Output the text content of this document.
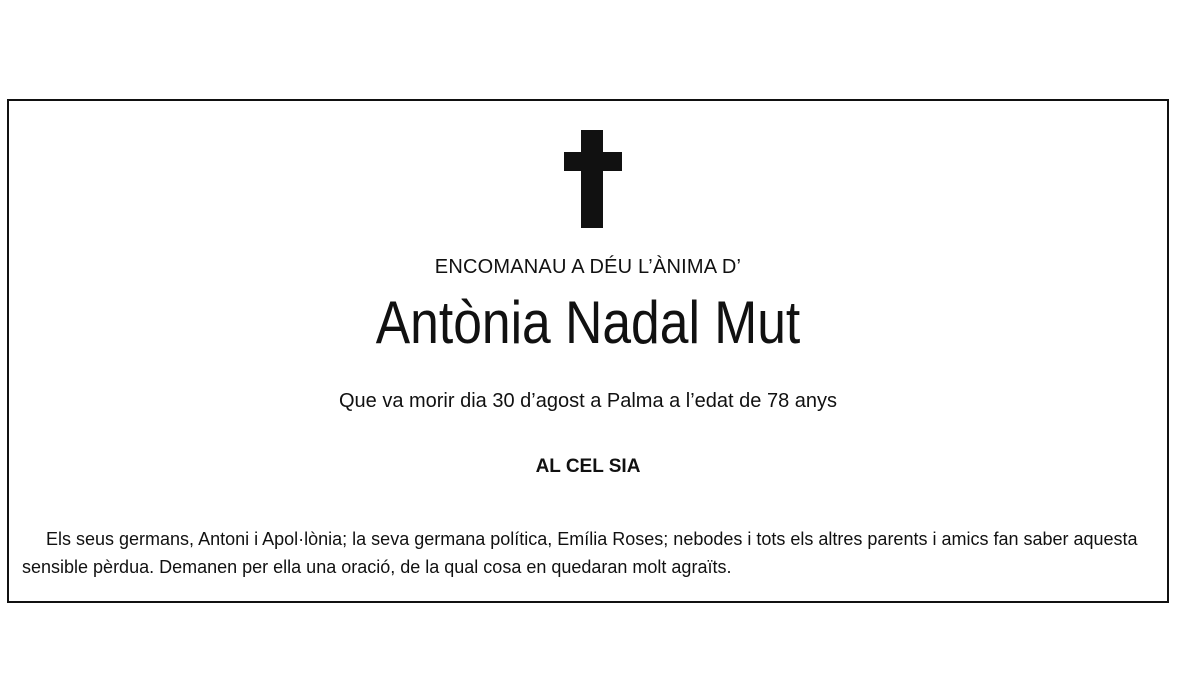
ENCOMANAU A DÉU L’ÀNIMA D’
Antònia Nadal Mut
Que va morir dia 30 d’agost a Palma a l’edat de 78 anys
AL CEL SIA
Els seus germans, Antoni i Apol·lònia; la seva germana política, Emília Roses; nebodes i tots els altres parents i amics fan saber aquesta sensible pèrdua. Demanen per ella una oració, de la qual cosa en quedaran molt agraïts.
